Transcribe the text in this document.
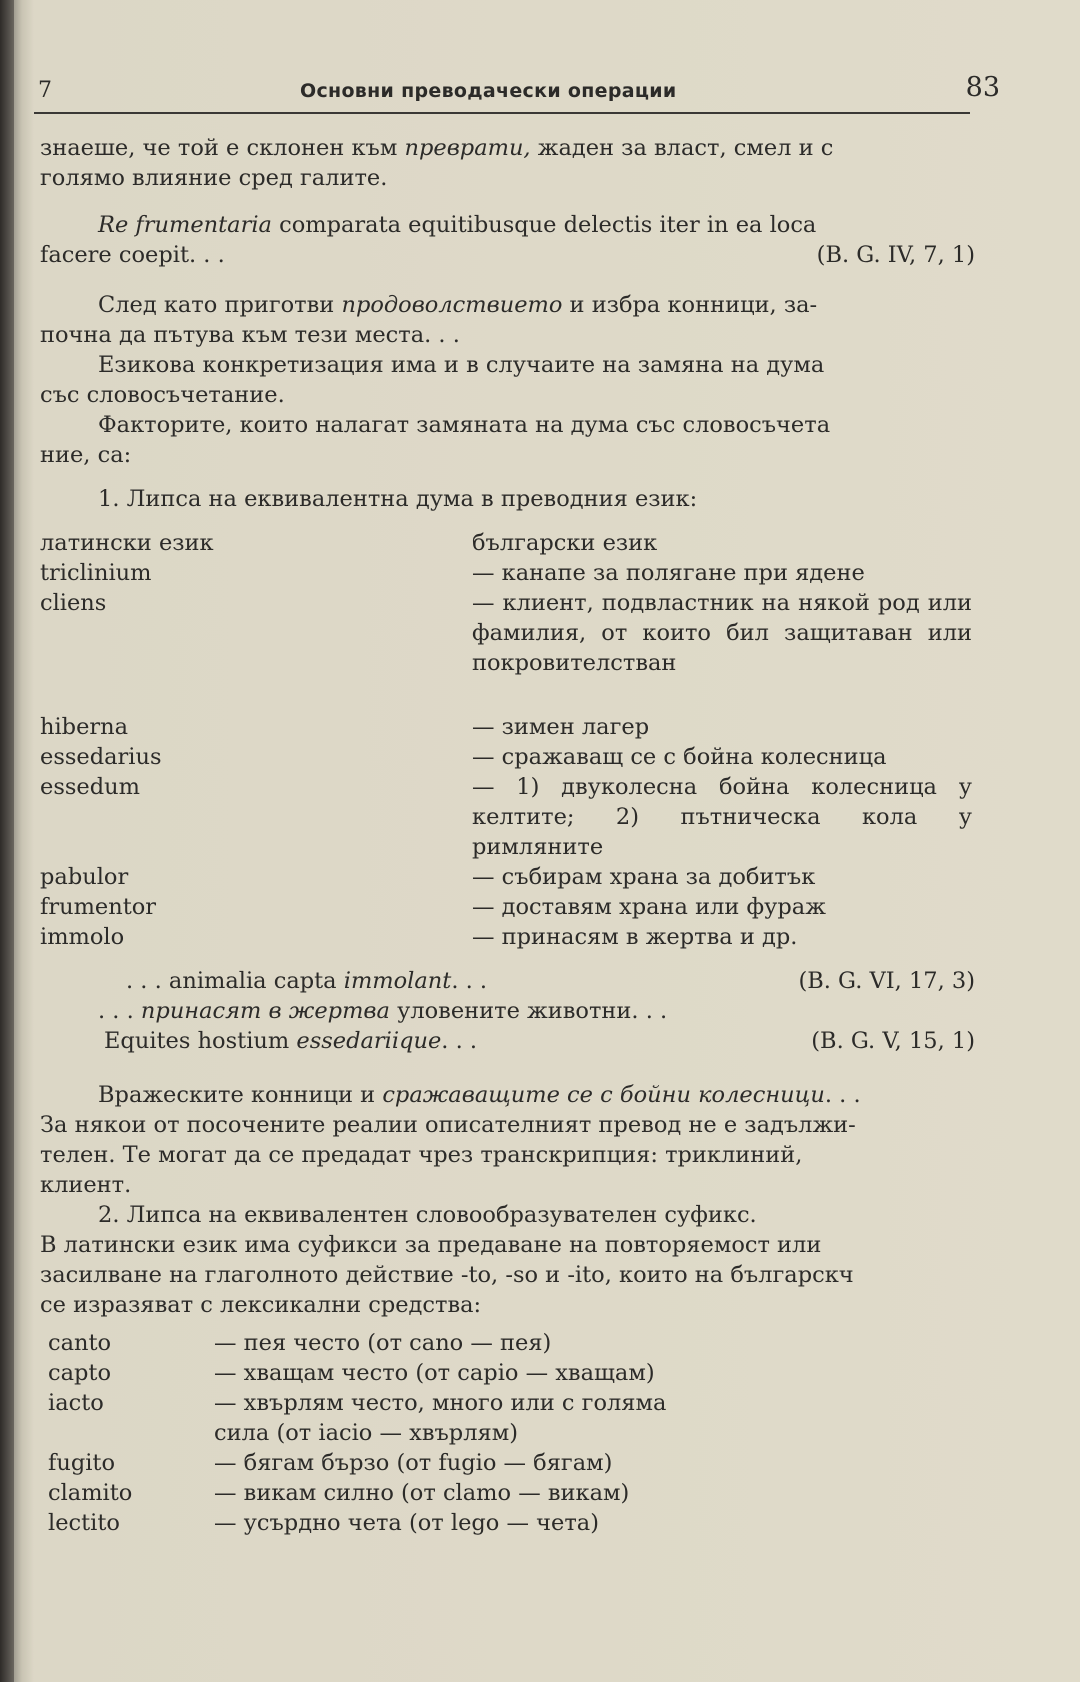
7	Основни преводачески операции	83

знаеше, че той е склонен към превратu, жаден за власт, смел и с

голямо влияние сред галите.

Re frumentaria comparata equitibusque delectis iter in ea loca

facere coepit. . .	(B. G. IV, 7, 1)

След като приготви продоволствието и избра конници, за-

почна да пътува към тези места. . .

Езикова конкретизация има и в случаите на замяна на дума

със словосъчетание.

Факторите, които налагат замяната на дума със словосъчета

ние, са:

1. Липса на еквивалентна дума в преводния език:

латински език	български език
triclinium	— канапе за полягане при ядене
cliens	— клиент, подвластник на някой род или фамилия, от които бил защитаван или покровителстван
hiberna	— зимен лагер
essedarius	— сражаващ се с бойна колесница
essedum	— 1) двуколесна бойна колесница у келтите; 2) пътническа кола у римляните
pabulor	— събирам храна за добитък
frumentor	— доставям храна или фураж
immolo	— принасям в жертва и др.
. . . animalia capta immolant. . .	(B. G. VI, 17, 3)
. . . принасят в жертва уловените животни. . .
Equites hostium essedariique. . .	(B. G. V, 15, 1)

Вражеските конници и сражаващите се с бойни колесници. . .

За някои от посочените реалии описателният превод не е задължи-

телен. Те могат да се предадат чрез транскрипция: триклиний,

клиент.

2. Липса на еквивалентен словообразувателен суфикс.

В латински език има суфикси за предаване на повторяемост или

засилване на глаголното действие -to, -so и -ito, които на българскч

се изразяват с лексикални средства:

canto	— пея често (от cano — пея)
capto	— хващам често (от capio — хващам)
iacto	— хвърлям често, много или с голяма сила (от iacio — хвърлям)
fugito	— бягам бързо (от fugio — бягам)
clamito	— викам силно (от clamo — викам)
lectito	— усърдно чета (от lego — чета)
